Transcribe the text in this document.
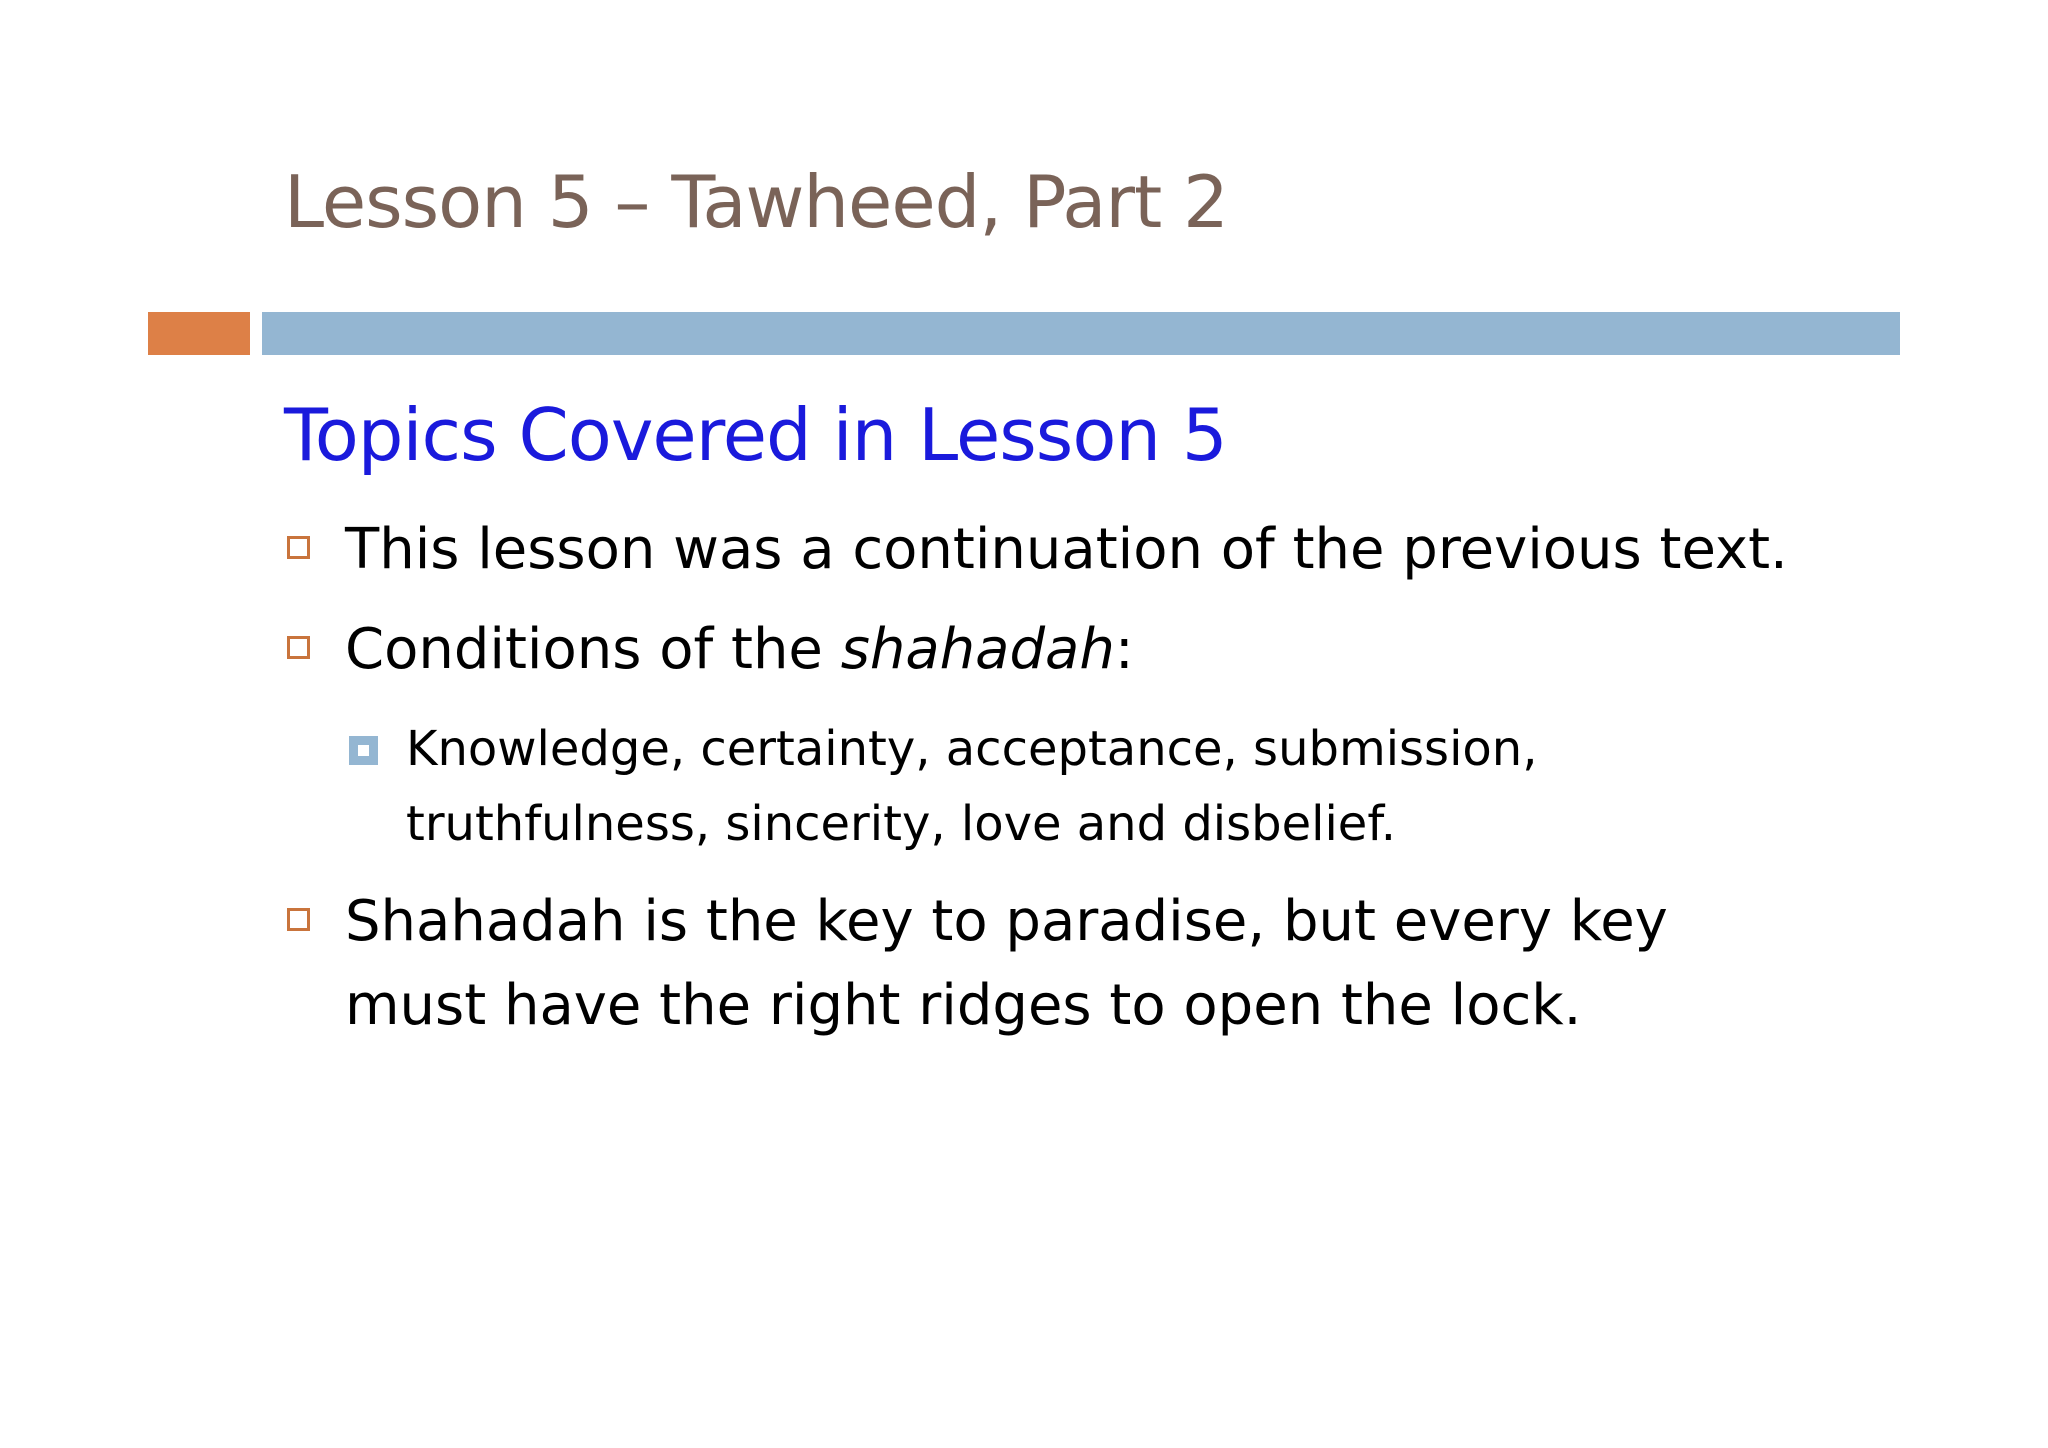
Lesson 5 – Tawheed, Part 2
Topics Covered in Lesson 5
This lesson was a continuation of the previous text.
Conditions of the shahadah:
Knowledge, certainty, acceptance, submission, truthfulness, sincerity, love and disbelief.
Shahadah is the key to paradise, but every key must have the right ridges to open the lock.
